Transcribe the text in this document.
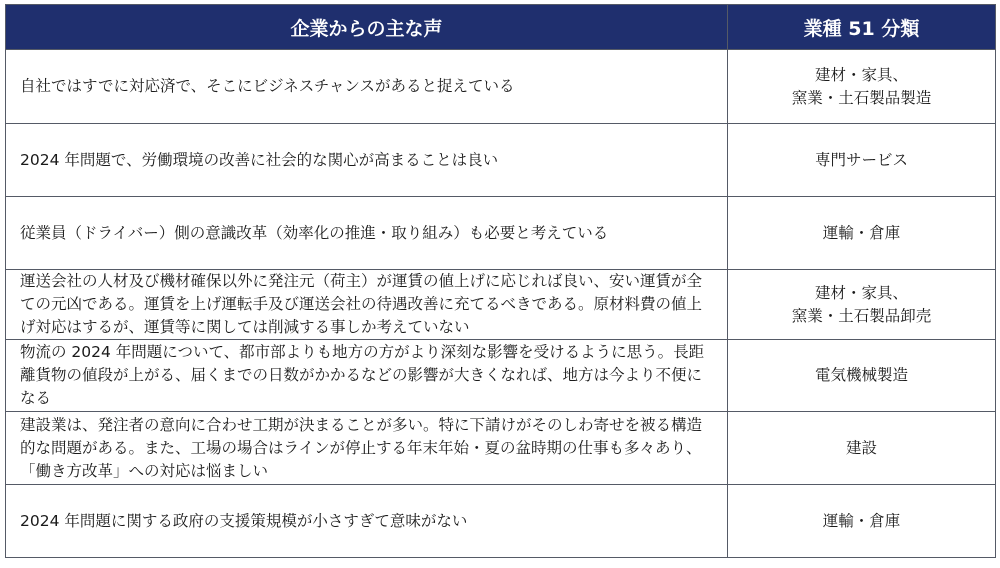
企業からの主な声	業種 51 分類
自社ではすでに対応済で、そこにビジネスチャンスがあると捉えている	建材・家具、
窯業・土石製品製造

2024 年問題で、労働環境の改善に社会的な関心が高まることは良い	専門サービス

従業員（ドライバー）側の意識改革（効率化の推進・取り組み）も必要と考えている	運輸・倉庫

運送会社の人材及び機材確保以外に発注元（荷主）が運賃の値上げに応じれば良い、安い運賃が全ての元凶である。運賃を上げ運転手及び運送会社の待遇改善に充てるべきである。原材料費の値上げ対応はするが、運賃等に関しては削減する事しか考えていない	建材・家具、
窯業・土石製品卸売

物流の 2024 年問題について、都市部よりも地方の方がより深刻な影響を受けるように思う。長距離貨物の値段が上がる、届くまでの日数がかかるなどの影響が大きくなれば、地方は今より不便になる	電気機械製造

建設業は、発注者の意向に合わせ工期が決まることが多い。特に下請けがそのしわ寄せを被る構造的な問題がある。また、工場の場合はラインが停止する年末年始・夏の盆時期の仕事も多々あり、「働き方改革」への対応は悩ましい	建設

2024 年問題に関する政府の支援策規模が小さすぎて意味がない	運輸・倉庫
